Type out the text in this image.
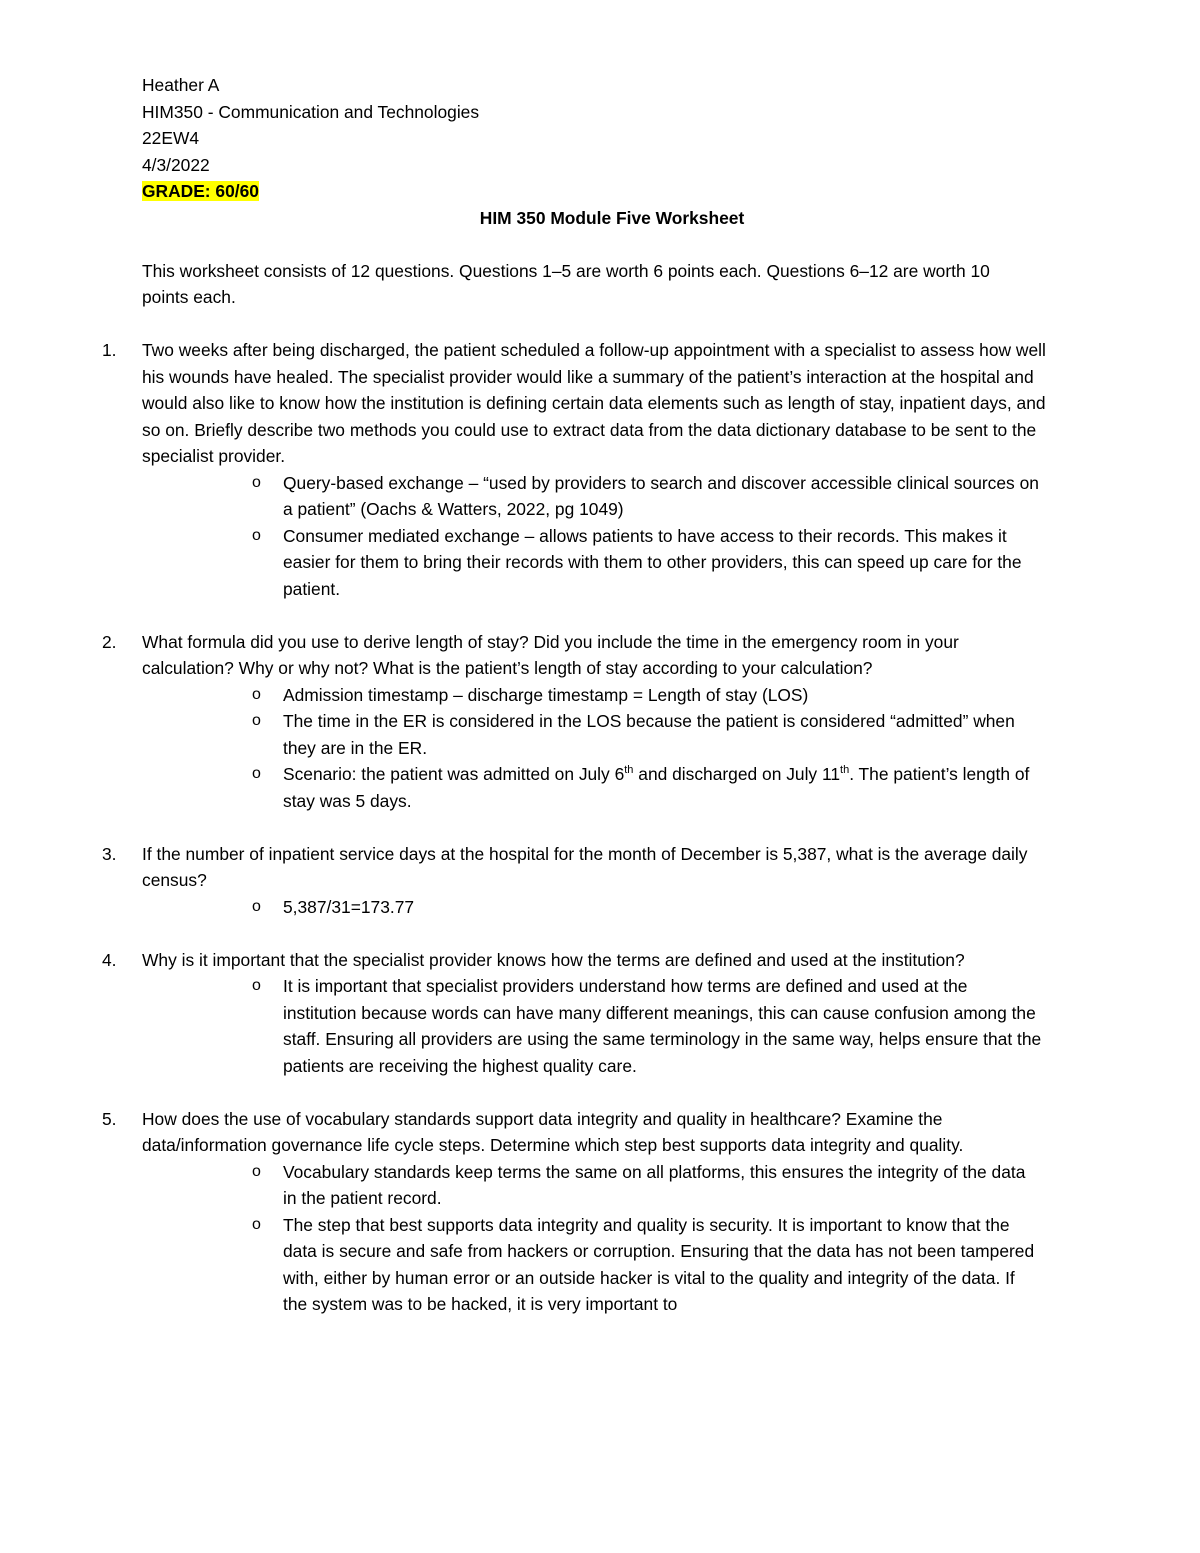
Heather A

HIM350 - Communication and Technologies

22EW4

4/3/2022

GRADE: 60/60

HIM 350 Module Five Worksheet

This worksheet consists of 12 questions. Questions 1–5 are worth 6 points each. Questions 6–12 are worth 10 points each.

1.	Two weeks after being discharged, the patient scheduled a follow-up appointment with a specialist to assess how well his wounds have healed. The specialist provider would like a summary of the patient’s interaction at the hospital and would also like to know how the institution is defining certain data elements such as length of stay, inpatient days, and so on. Briefly describe two methods you could use to extract data from the data dictionary database to be sent to the specialist provider.

o Query-based exchange – “used by providers to search and discover accessible clinical sources on a patient” (Oachs & Watters, 2022, pg 1049)
o Consumer mediated exchange – allows patients to have access to their records. This makes it easier for them to bring their records with them to other providers, this can speed up care for the patient.
2.	What formula did you use to derive length of stay? Did you include the time in the emergency room in your calculation? Why or why not? What is the patient’s length of stay according to your calculation?

o Admission timestamp – discharge timestamp = Length of stay (LOS)
o The time in the ER is considered in the LOS because the patient is considered “admitted” when they are in the ER.
o Scenario: the patient was admitted on July 6th and discharged on July 11th. The patient’s length of stay was 5 days.
3.	If the number of inpatient service days at the hospital for the month of December is 5,387, what is the average daily census?

o 5,387/31=173.77
4.	Why is it important that the specialist provider knows how the terms are defined and used at the institution?

o It is important that specialist providers understand how terms are defined and used at the institution because words can have many different meanings, this can cause confusion among the staff. Ensuring all providers are using the same terminology in the same way, helps ensure that the patients are receiving the highest quality care.
5.	How does the use of vocabulary standards support data integrity and quality in healthcare? Examine the data/information governance life cycle steps. Determine which step best supports data integrity and quality.

o Vocabulary standards keep terms the same on all platforms, this ensures the integrity of the data in the patient record.
o The step that best supports data integrity and quality is security. It is important to know that the data is secure and safe from hackers or corruption. Ensuring that the data has not been tampered with, either by human error or an outside hacker is vital to the quality and integrity of the data. If the system was to be hacked, it is very important to
